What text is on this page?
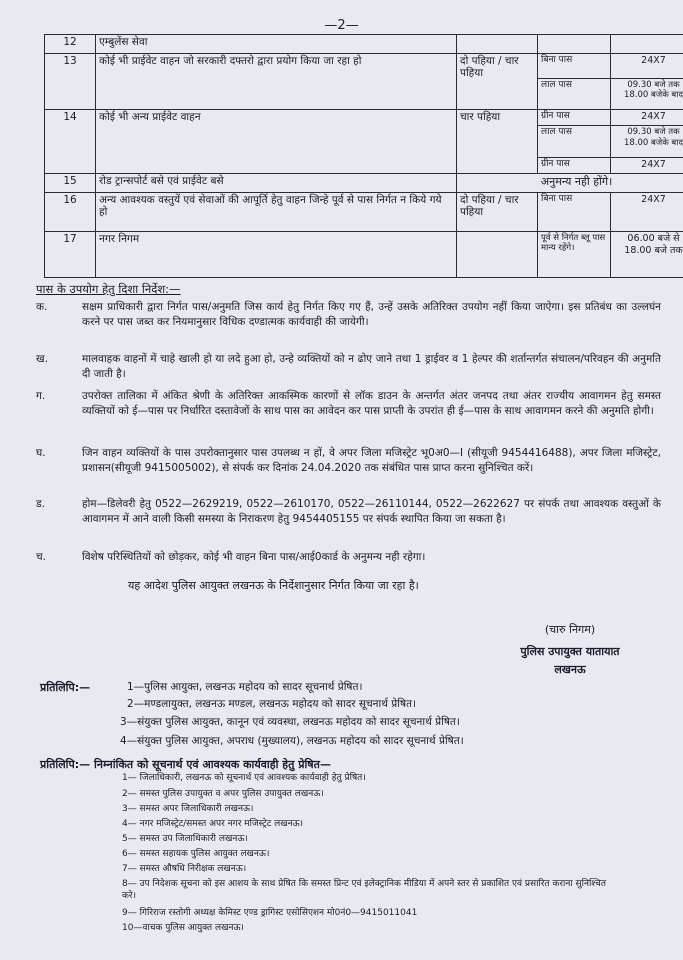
—2—
12	एम्बुलेंस सेवा			
13	कोई भी प्राईवेट वाहन जो सरकारी दफ्तरो द्वारा प्रयोग किया जा रहा हो	दो पहिया / चार पहिया	बिना पास	24X7
			लाल पास	09.30 बजे तक 18.00 बजेके बाद
14	कोई भी अन्य प्राईवेट वाहन	चार पहिया	ग्रीन पास	24X7
			लाल पास	09.30 बजे तक 18.00 बजेके बाद
			ग्रीन पास	24X7
15	रोड ट्रान्सपोर्ट बसे एवं प्राईवेट बसे	अनुमन्य नही होंगे।		
16	अन्य आवश्यक वस्तुयें एवं सेवाओं की आपूर्ति हेतु वाहन जिन्हे पूर्व से पास निर्गत न किये गये हो	दो पहिया / चार पहिया	बिना पास	24X7
17	नगर निगम		पूर्व से निर्गत ब्लू पास मान्य रहेंगे।	06.00 बजे से 18.00 बजे तक
पास के उपयोग हेतु दिशा निर्देश:—
क.	सक्षम प्राधिकारी द्वारा निर्गत पास/अनुमति जिस कार्य हेतु निर्गत किए गए हैं, उन्हें उसके अतिरिक्त उपयोग नहीं किया जाऐगा। इस प्रतिबंध का उल्लघंन करने पर पास जब्त कर नियमानुसार विधिक दण्डात्मक कार्यवाही की जायेगी।
ख.	मालवाहक वाहनों में चाहे खाली हो या लदे हुआ हो, उन्हे व्यक्तियों को न ढोए जाने तथा 1 ड्राईवर व 1 हेल्पर की शर्तान्तर्गत संचालन/परिवहन की अनुमति दी जाती है।
ग.	उपरोक्त तालिका में अंकित श्रेणी के अतिरिक्त आकस्मिक कारणों से लॉक डाउन के अन्तर्गत अंतर जनपद तथा अंतर राज्यीय आवागमन हेतु समस्त व्यक्तियों को ई—पास पर निर्धारित दस्तावेजों के साथ पास का आवेदन कर पास प्राप्ती के उपरांत ही ई—पास के साथ आवागमन करने की अनुमति होगी।
घ.	जिन वाहन व्यक्तियों के पास उपरोक्तानुसार पास उपलब्ध न हों, वे अपर जिला मजिस्ट्रेट भू0अ0—I (सीयूजी 9454416488), अपर जिला मजिस्ट्रेट, प्रशासन(सीयूजी 9415005002), से संपर्क कर दिनांक 24.04.2020 तक संबंधित पास प्राप्त करना सुनिश्चित करें।
ड.	होम—डिलेवरी हेतु 0522—2629219, 0522—2610170, 0522—26110144, 0522—2622627 पर संपर्क तथा आवश्यक वस्तुओं के आवागमन में आने वाली किसी समस्या के निराकरण हेतु 9454405155 पर संपर्क स्थापित किया जा सकता है।
च.	विशेष परिस्थितियों को छोड़कर, कोई भी वाहन बिना पास/आई0कार्ड के अनुमन्य नही रहेगा।
यह आदेश पुलिस आयुक्त लखनऊ के निर्देशानुसार निर्गत किया जा रहा है।
(चारु निगम)
पुलिस उपायुक्त यातायात
लखनऊ
प्रतिलिपि:—	1—पुलिस आयुक्त, लखनऊ महोदय को सादर सूचनार्थ प्रेषित।
2—मण्डलायुक्त, लखनऊ मण्डल, लखनऊ महोदय को सादर सूचनार्थ प्रेषित।
3—संयुक्त पुलिस आयुक्त, कानून एवं व्यवस्था, लखनऊ महोदय को सादर सूचनार्थ प्रेषित।
4—संयुक्त पुलिस आयुक्त, अपराध (मुख्यालय), लखनऊ महोदय को सादर सूचनार्थ प्रेषित।
प्रतिलिपि:— निम्नांकित को सूचनार्थ एवं आवश्यक कार्यवाही हेतु प्रेषित—
1— जिलाधिकारी, लखनऊ को सूचनार्थ एवं आवश्यक कार्यवाही हेतु प्रेषित।
2— समस्त पुलिस उपायुक्त व अपर पुलिस उपायुक्त लखनऊ।
3— समस्त अपर जिलाधिकारी लखनऊ।
4— नगर मजिस्ट्रेट/समस्त अपर नगर मजिस्ट्रेट लखनऊ।
5— समस्त उप जिलाधिकारी लखनऊ।
6— समस्त सहायक पुलिस आयुक्त लखनऊ।
7— समस्त औषधि निरीक्षक लखनऊ।
8— उप निदेशक सूचना को इस आशय के साथ प्रेषित कि समस्त प्रिन्ट एवं इलेक्ट्रानिक मीडिया में अपने स्तर से प्रकाशित एवं प्रसारित कराना सुनिश्चित करे।
9— गिरिराज रस्तोगी अध्यक्ष केमिस्ट एण्ड ड्रागिस्ट एसोसिएशन मो0नं0—9415011041
10—वाचक पुलिस आयुक्त लखनऊ।
